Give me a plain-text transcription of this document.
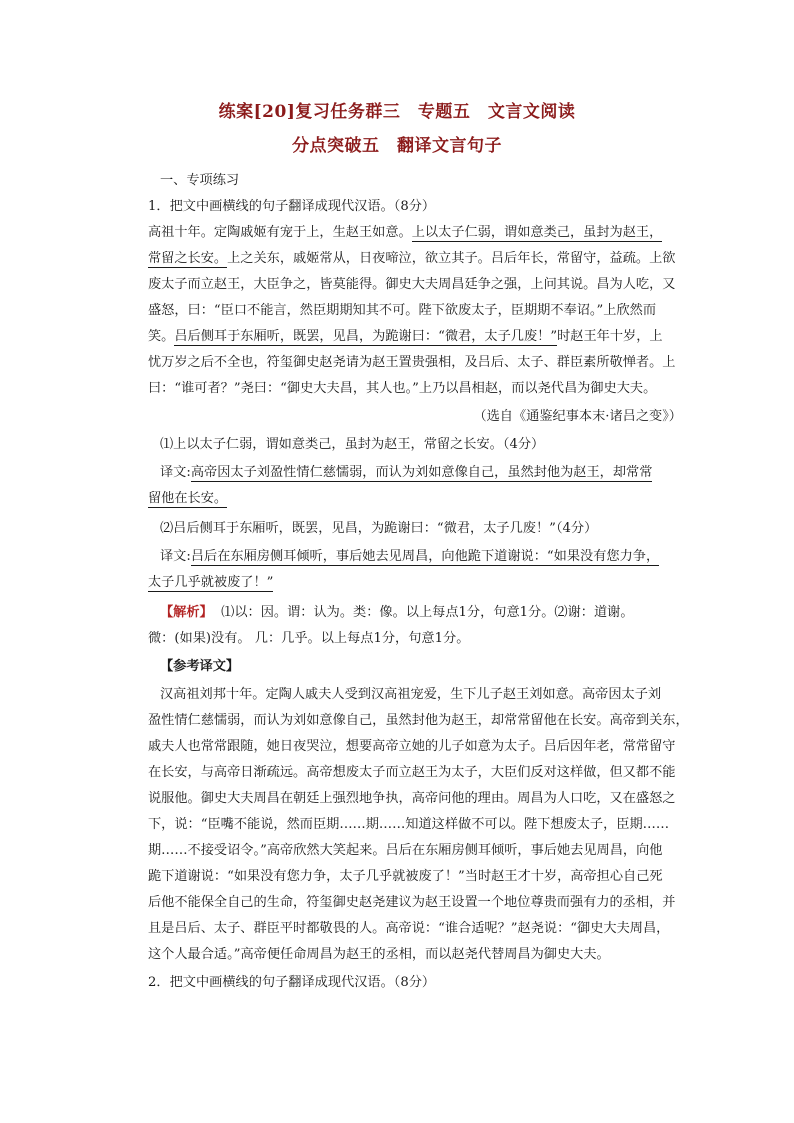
练案[20]复习任务群三　专题五　文言文阅读
分点突破五　翻译文言句子
一、专项练习
1．把文中画横线的句子翻译成现代汉语。（8分）
高祖十年。定陶戚姬有宠于上，生赵王如意。上以太子仁弱，谓如意类己，虽封为赵王，
常留之长安。上之关东，戚姬常从，日夜啼泣，欲立其子。吕后年长，常留守，益疏。上欲
废太子而立赵王，大臣争之，皆莫能得。御史大夫周昌廷争之强，上问其说。昌为人吃，又
盛怒，曰：“臣口不能言，然臣期期知其不可。陛下欲废太子，臣期期不奉诏。”上欣然而
笑。吕后侧耳于东厢听，既罢，见昌，为跪谢曰：“微君，太子几废！”时赵王年十岁，上
忧万岁之后不全也，符玺御史赵尧请为赵王置贵强相，及吕后、太子、群臣素所敬惮者。上
曰：“谁可者？”尧曰：“御史大夫昌，其人也。”上乃以昌相赵，而以尧代昌为御史大夫。
（选自《通鉴纪事本末·诸吕之变》）
⑴上以太子仁弱，谓如意类己，虽封为赵王，常留之长安。（4分）
译文:高帝因太子刘盈性情仁慈懦弱，而认为刘如意像自己，虽然封他为赵王，却常常
留他在长安。
⑵吕后侧耳于东厢听，既罢，见昌，为跪谢曰：“微君，太子几废！”（4分）
译文:吕后在东厢房侧耳倾听，事后她去见周昌，向他跪下道谢说：“如果没有您力争，
太子几乎就被废了！”
【解析】 ⑴以：因。谓：认为。类：像。以上每点1分，句意1分。⑵谢：道谢。
微：(如果)没有。 几：几乎。以上每点1分，句意1分。
【参考译文】
汉高祖刘邦十年。定陶人戚夫人受到汉高祖宠爱，生下儿子赵王刘如意。高帝因太子刘
盈性情仁慈懦弱，而认为刘如意像自己，虽然封他为赵王，却常常留他在长安。高帝到关东，
戚夫人也常常跟随，她日夜哭泣，想要高帝立她的儿子如意为太子。吕后因年老，常常留守
在长安，与高帝日渐疏远。高帝想废太子而立赵王为太子，大臣们反对这样做，但又都不能
说服他。御史大夫周昌在朝廷上强烈地争执，高帝问他的理由。周昌为人口吃，又在盛怒之
下，说：“臣嘴不能说，然而臣期……期……知道这样做不可以。陛下想废太子，臣期……
期……不接受诏令。”高帝欣然大笑起来。吕后在东厢房侧耳倾听，事后她去见周昌，向他
跪下道谢说：“如果没有您力争，太子几乎就被废了！”当时赵王才十岁，高帝担心自己死
后他不能保全自己的生命，符玺御史赵尧建议为赵王设置一个地位尊贵而强有力的丞相，并
且是吕后、太子、群臣平时都敬畏的人。高帝说：“谁合适呢？”赵尧说：“御史大夫周昌，
这个人最合适。”高帝便任命周昌为赵王的丞相，而以赵尧代替周昌为御史大夫。
2．把文中画横线的句子翻译成现代汉语。（8分）
